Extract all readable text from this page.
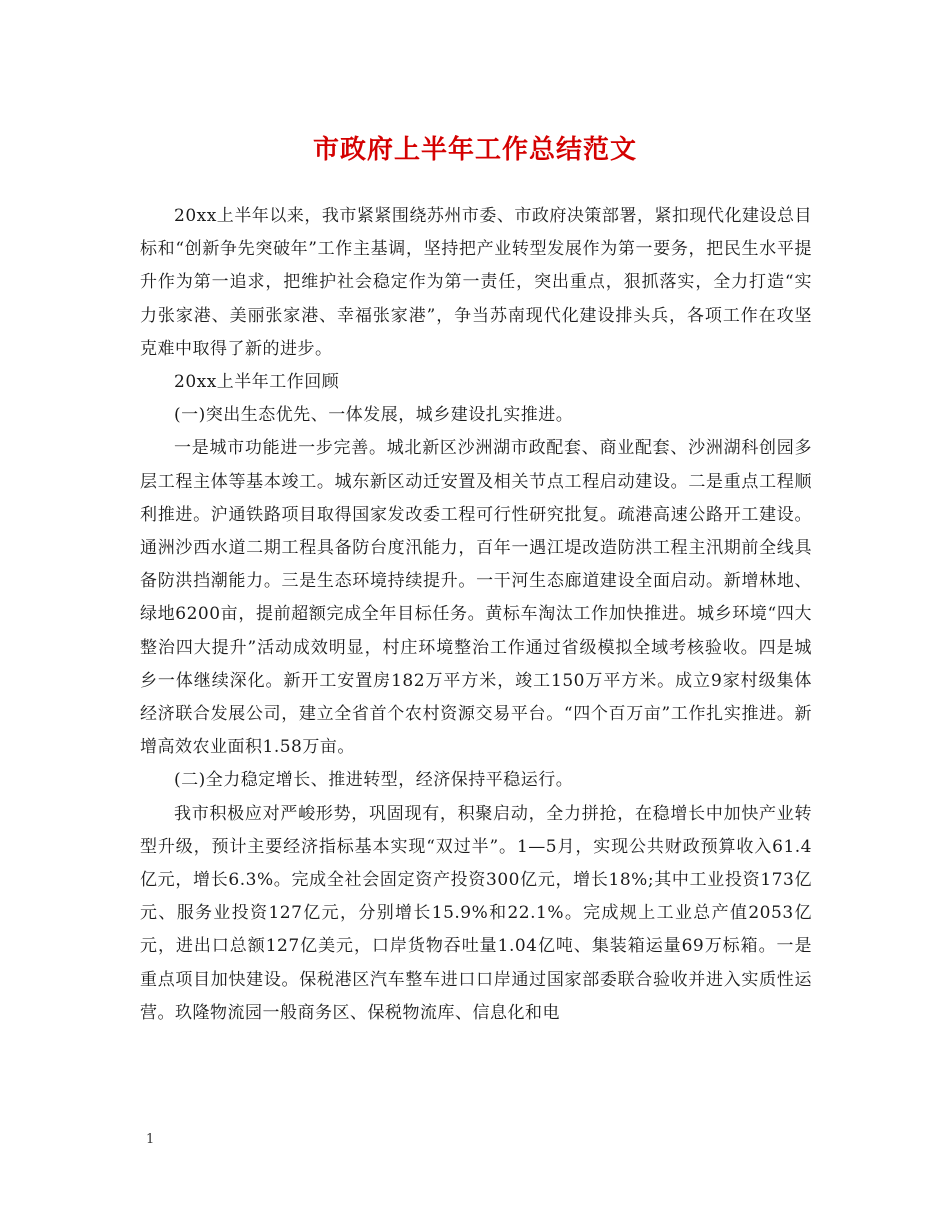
市政府上半年工作总结范文

20xx上半年以来，我市紧紧围绕苏州市委、市政府决策部署，紧扣现代化建设总目标和“创新争先突破年”工作主基调，坚持把产业转型发展作为第一要务，把民生水平提升作为第一追求，把维护社会稳定作为第一责任，突出重点，狠抓落实，全力打造“实力张家港、美丽张家港、幸福张家港”，争当苏南现代化建设排头兵，各项工作在攻坚克难中取得了新的进步。

20xx上半年工作回顾

(一)突出生态优先、一体发展，城乡建设扎实推进。

一是城市功能进一步完善。城北新区沙洲湖市政配套、商业配套、沙洲湖科创园多层工程主体等基本竣工。城东新区动迁安置及相关节点工程启动建设。二是重点工程顺利推进。沪通铁路项目取得国家发改委工程可行性研究批复。疏港高速公路开工建设。通洲沙西水道二期工程具备防台度汛能力，百年一遇江堤改造防洪工程主汛期前全线具备防洪挡潮能力。三是生态环境持续提升。一干河生态廊道建设全面启动。新增林地、绿地6200亩，提前超额完成全年目标任务。黄标车淘汰工作加快推进。城乡环境“四大整治四大提升”活动成效明显，村庄环境整治工作通过省级模拟全域考核验收。四是城乡一体继续深化。新开工安置房182万平方米，竣工150万平方米。成立9家村级集体经济联合发展公司，建立全省首个农村资源交易平台。“四个百万亩”工作扎实推进。新增高效农业面积1.58万亩。

(二)全力稳定增长、推进转型，经济保持平稳运行。

我市积极应对严峻形势，巩固现有，积聚启动，全力拼抢，在稳增长中加快产业转型升级，预计主要经济指标基本实现“双过半”。1—5月，实现公共财政预算收入61.4亿元，增长6.3%。完成全社会固定资产投资300亿元，增长18%;其中工业投资173亿元、服务业投资127亿元，分别增长15.9%和22.1%。完成规上工业总产值2053亿元，进出口总额127亿美元，口岸货物吞吐量1.04亿吨、集装箱运量69万标箱。一是重点项目加快建设。保税港区汽车整车进口口岸通过国家部委联合验收并进入实质性运营。玖隆物流园一般商务区、保税物流库、信息化和电

1
